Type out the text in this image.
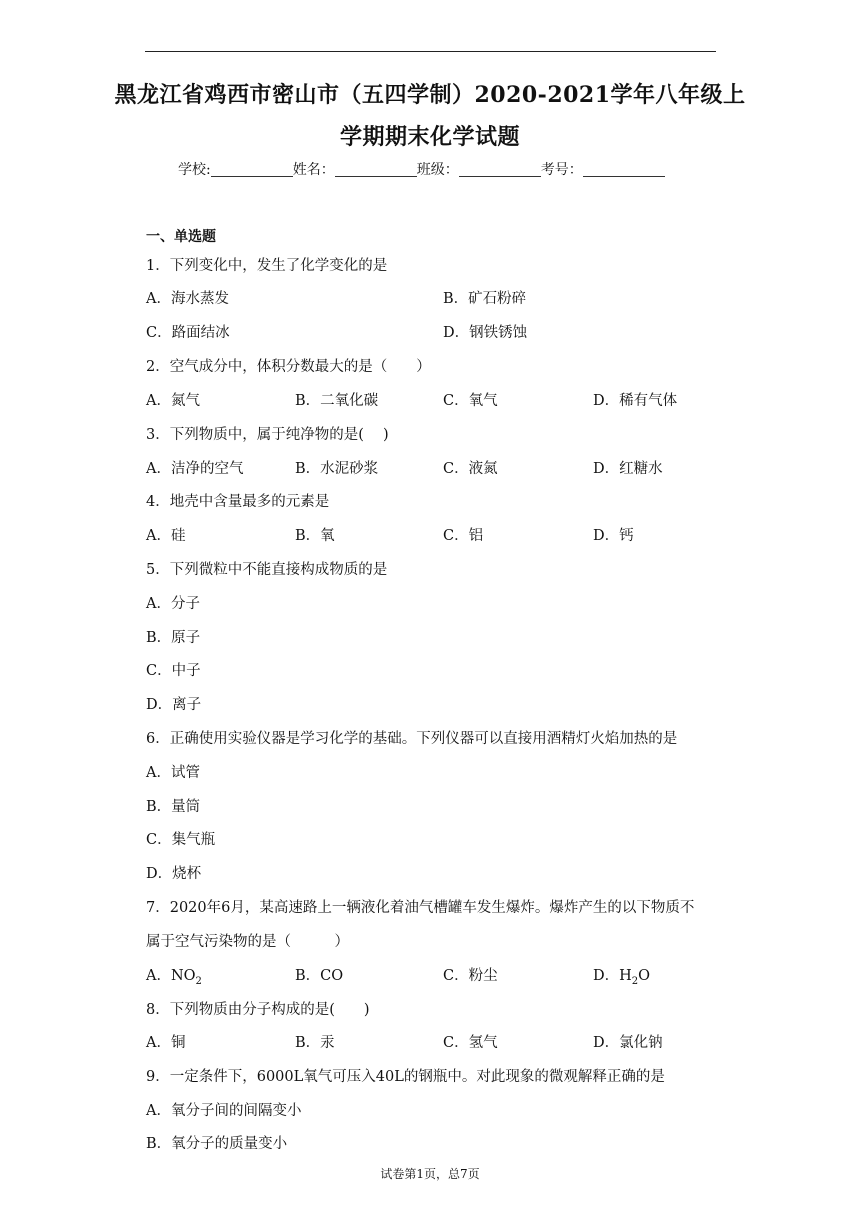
黑龙江省鸡西市密山市（五四学制）2020-2021学年八年级上
学期期末化学试题
学校:	姓名：	班级：	考号：
一、单选题
1．下列变化中，发生了化学变化的是
A．海水蒸发	B．矿石粉碎
C．路面结冰	D．钢铁锈蚀
2．空气成分中，体积分数最大的是（　　）
A．氮气	B．二氧化碳	C．氧气	D．稀有气体
3．下列物质中，属于纯净物的是(　 )
A．洁净的空气	B．水泥砂浆	C．液氮	D．红糖水
4．地壳中含量最多的元素是
A．硅	B．氧	C．铝	D．钙
5．下列微粒中不能直接构成物质的是
A．分子
B．原子
C．中子
D．离子
6．正确使用实验仪器是学习化学的基础。下列仪器可以直接用酒精灯火焰加热的是
A．试管
B．量筒
C．集气瓶
D．烧杯
7．2020年6月，某高速路上一辆液化着油气槽罐车发生爆炸。爆炸产生的以下物质不
属于空气污染物的是（　　　）
A．$NO_2$	B．CO	C．粉尘	D．$H_2O$
8．下列物质由分子构成的是(　　)
A．铜	B．汞	C．氢气	D．氯化钠
9．一定条件下，6000L氧气可压入40L的钢瓶中。对此现象的微观解释正确的是
A．氧分子间的间隔变小
B．氧分子的质量变小
试卷第1页，总7页
